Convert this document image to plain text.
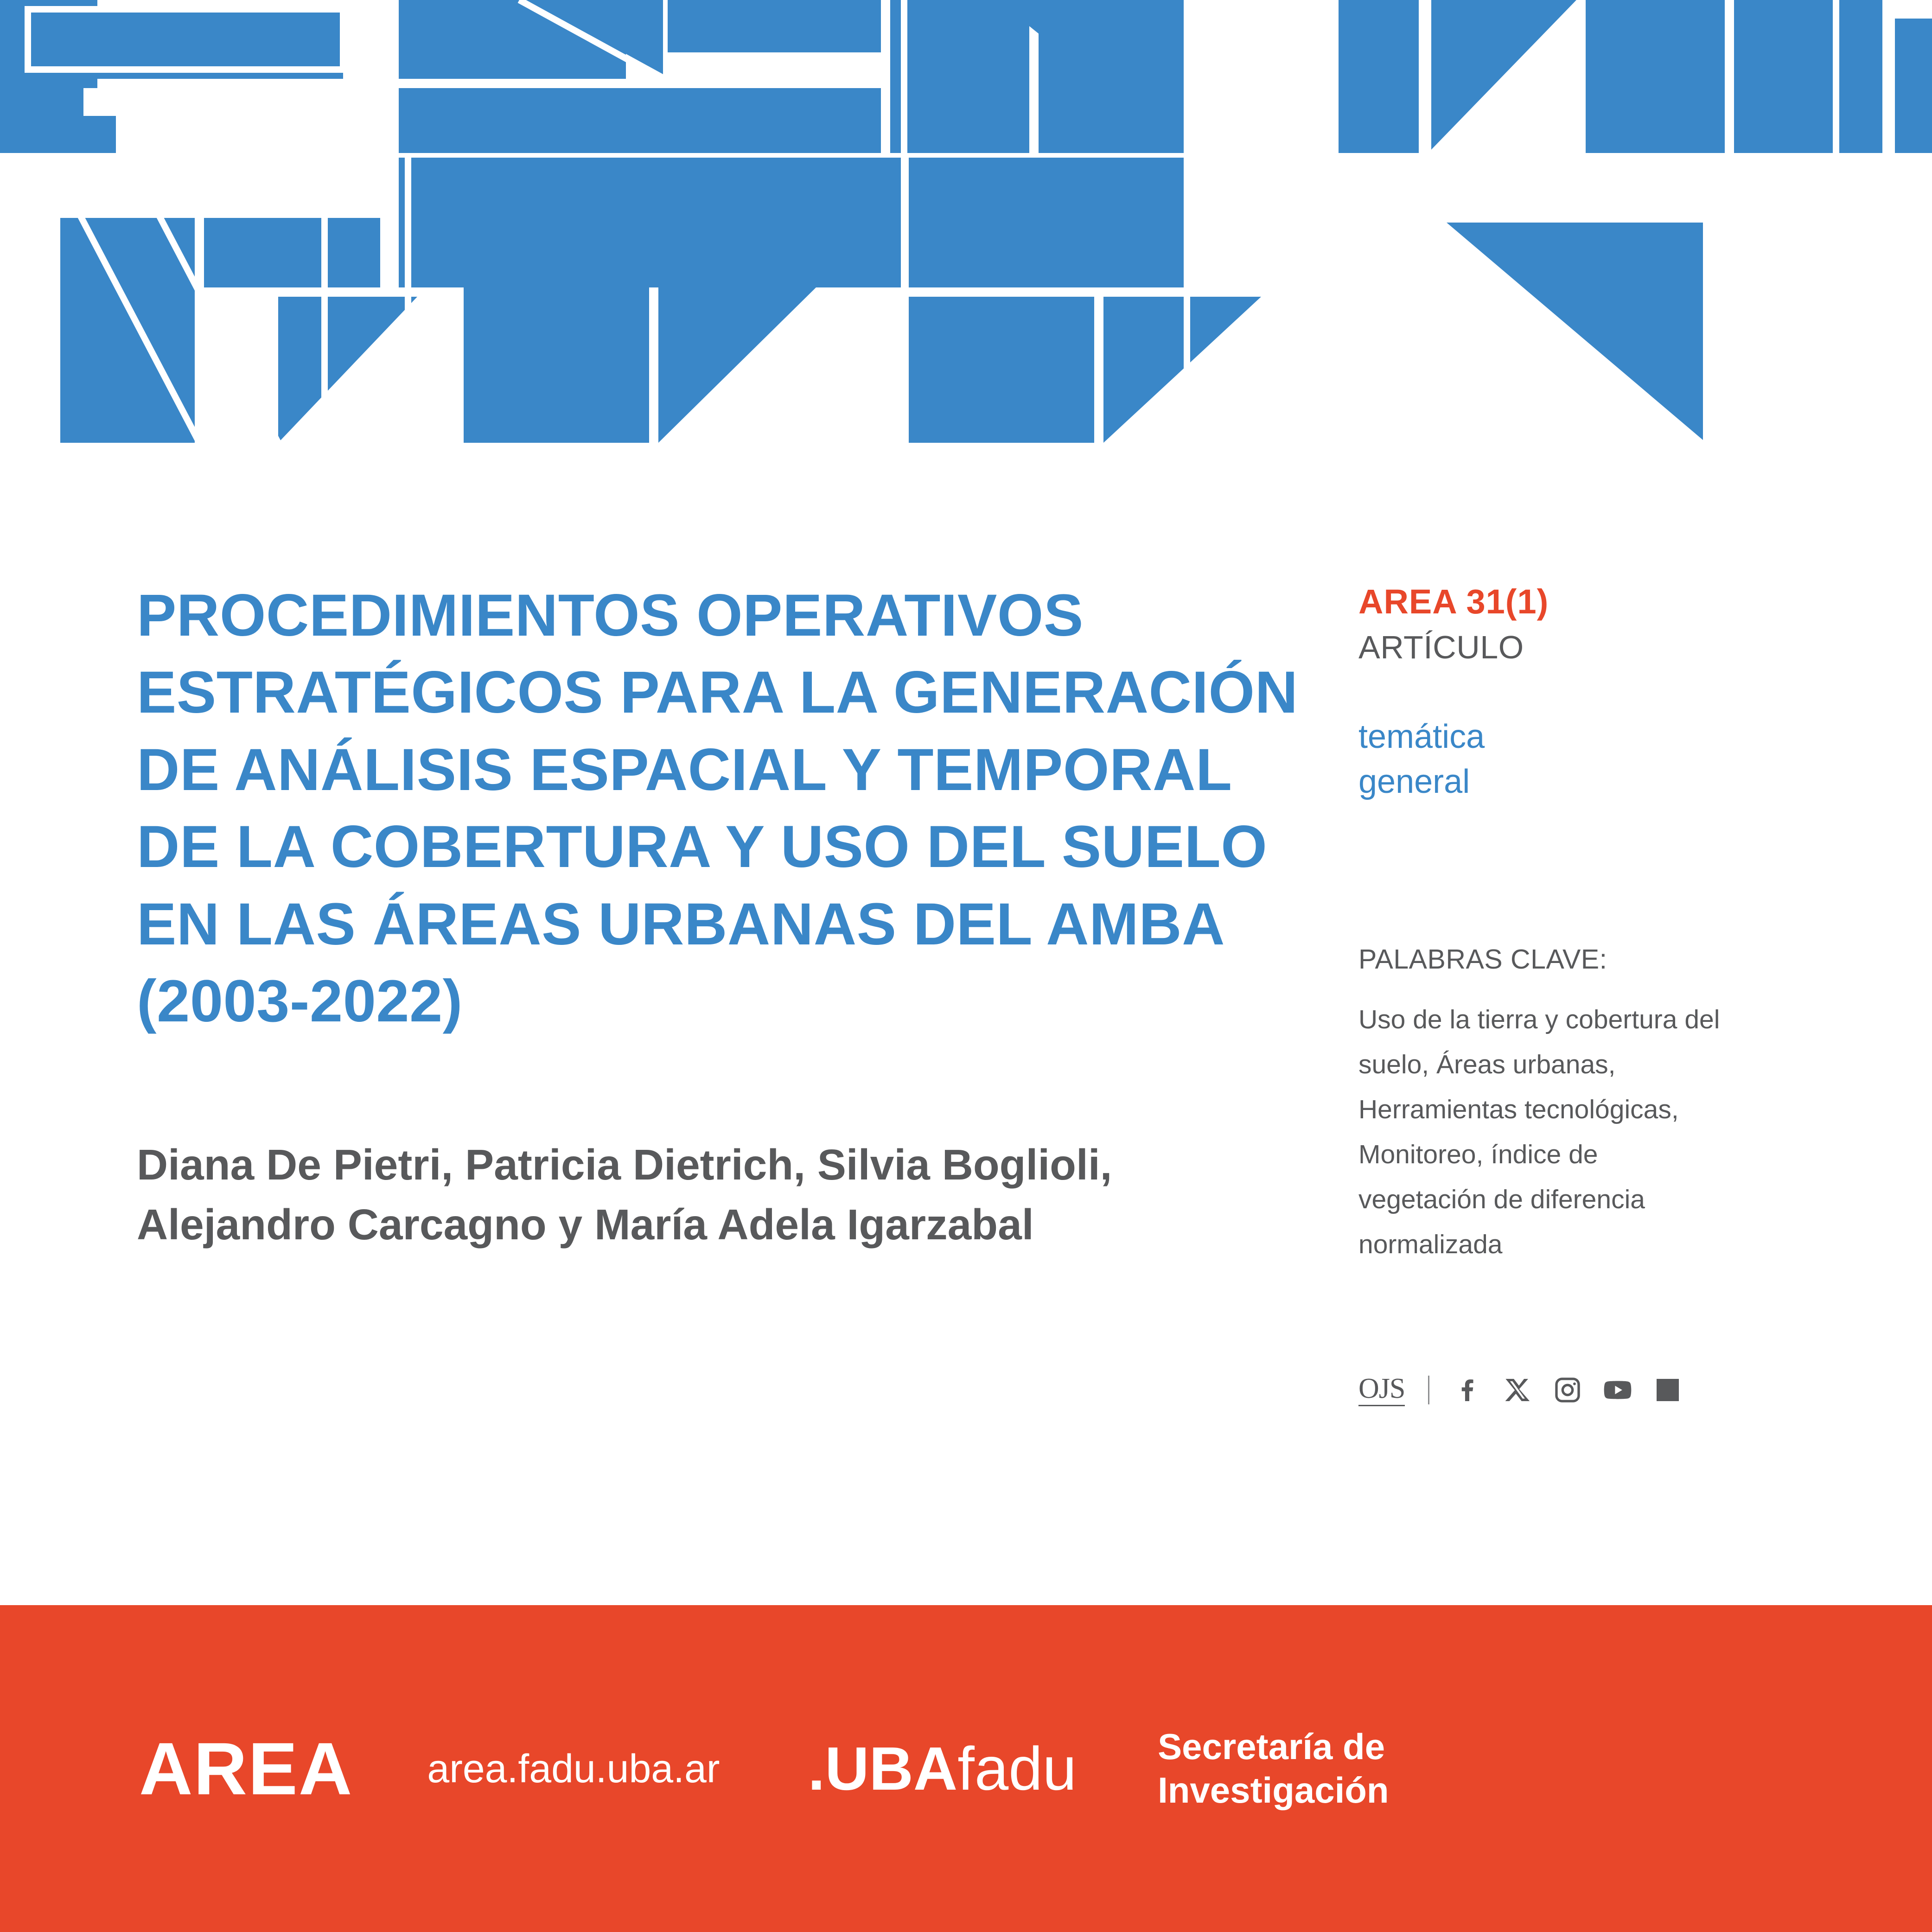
PROCEDIMIENTOS OPERATIVOS ESTRATÉGICOS PARA LA GENERACIÓN DE ANÁLISIS ESPACIAL Y TEMPORAL DE LA COBERTURA Y USO DEL SUELO EN LAS ÁREAS URBANAS DEL AMBA (2003-2022)

Diana De Pietri, Patricia Dietrich, Silvia Boglioli, Alejandro Carcagno y María Adela Igarzabal

AREA 31(1)
ARTÍCULO
temática
general
PALABRAS CLAVE:
Uso de la tierra y cobertura del suelo, Áreas urbanas, Herramientas tecnológicas, Monitoreo, índice de vegetación de diferencia normalizada
OJS
AREA area.fadu.uba.ar .UBAfadu Secretaría de
Investigación
